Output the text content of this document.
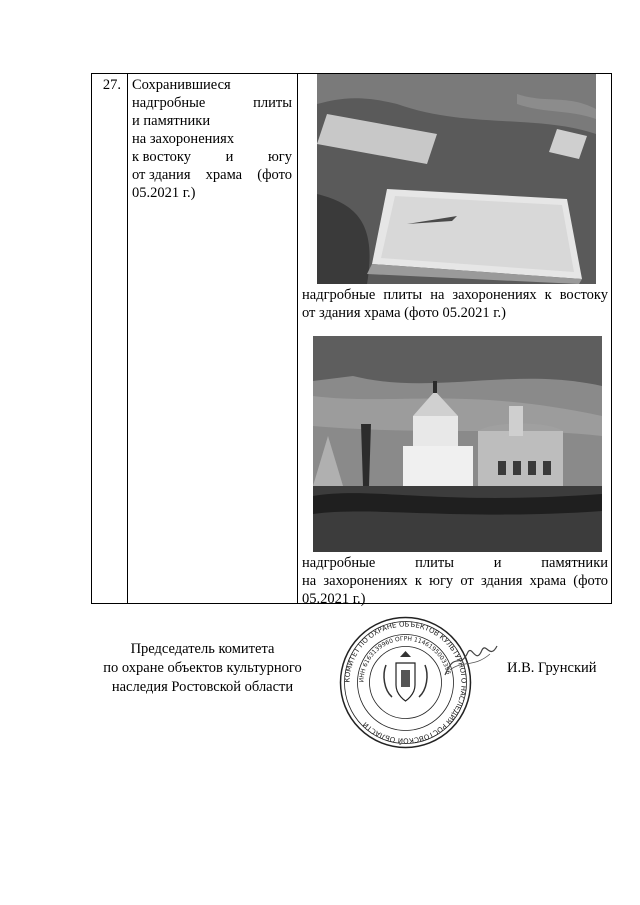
27. Сохранившиеся
надгробные	плиты
и памятники
на захоронениях
к востоку и югу
от здания храма (фото
05.2021 г.)
надгробные плиты на захоронениях к востоку
от здания храма (фото 05.2021 г.)
надгробные	плиты	и	памятники
на захоронениях к югу от здания храма (фото
05.2021 г.)
Председатель комитета
по охране объектов культурного
наследия Ростовской области	КОМИТЕТ ПО ОХРАНЕ ОБЪЕКТОВ КУЛЬТУРНОГО НАСЛЕДИЯ РОСТОВСКОЙ ОБЛАСТИ
ИНН 6163139960 ОГРН 1146195003396	И.В. Грунский
